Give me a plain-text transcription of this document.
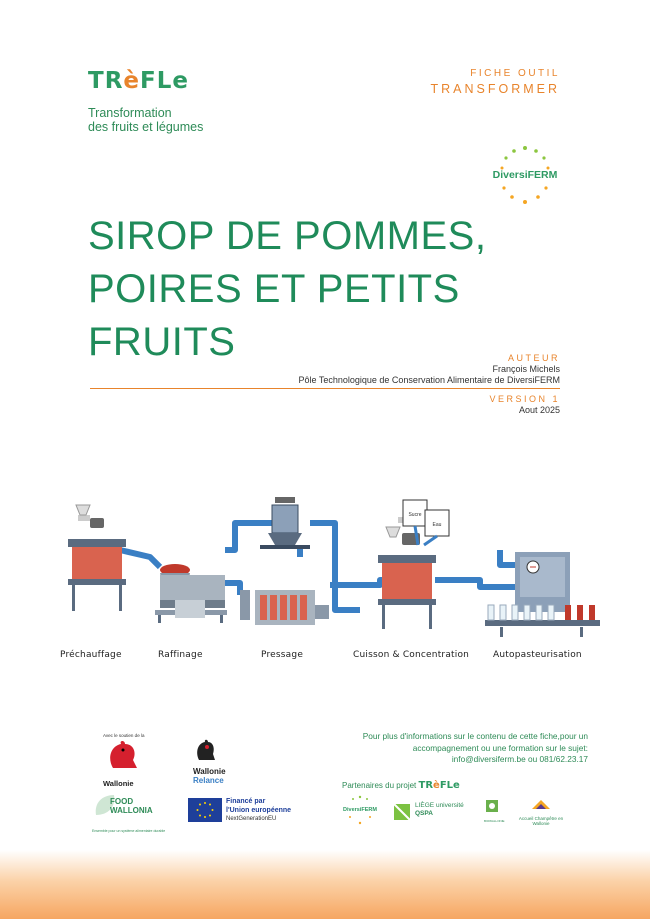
TRèFLe
Transformation
des fruits et légumes
FICHE OUTIL
TRANSFORMER
DiversiFERM
SIROP DE POMMES,
POIRES ET PETITS
FRUITS	AUTEUR
François Michels
Pôle Technologique de Conservation Alimentaire de DiversiFERM
VERSION 1
Aout 2025
Sucre
Eau
Préchauffage	Raffinage	Pressage	Cuisson & Concentration	Autopasteurisation
Avec le soutien de la
Wallonie
Wallonie
Relance
FOOD
WALLONIA
Ensemble pour un système alimentaire durable
Financé par
l'Union européenne
NextGenerationEU
Pour plus d'informations sur le contenu de cette fiche,pour un accompagnement ou une formation sur le sujet: info@diversiferm.be ou 081/62.23.17
Partenaires du projet TRèFLe
DiversiFERM
LIÈGE université
QSPA
BIOWALLONIE	Accueil Champêtre en Wallonie
